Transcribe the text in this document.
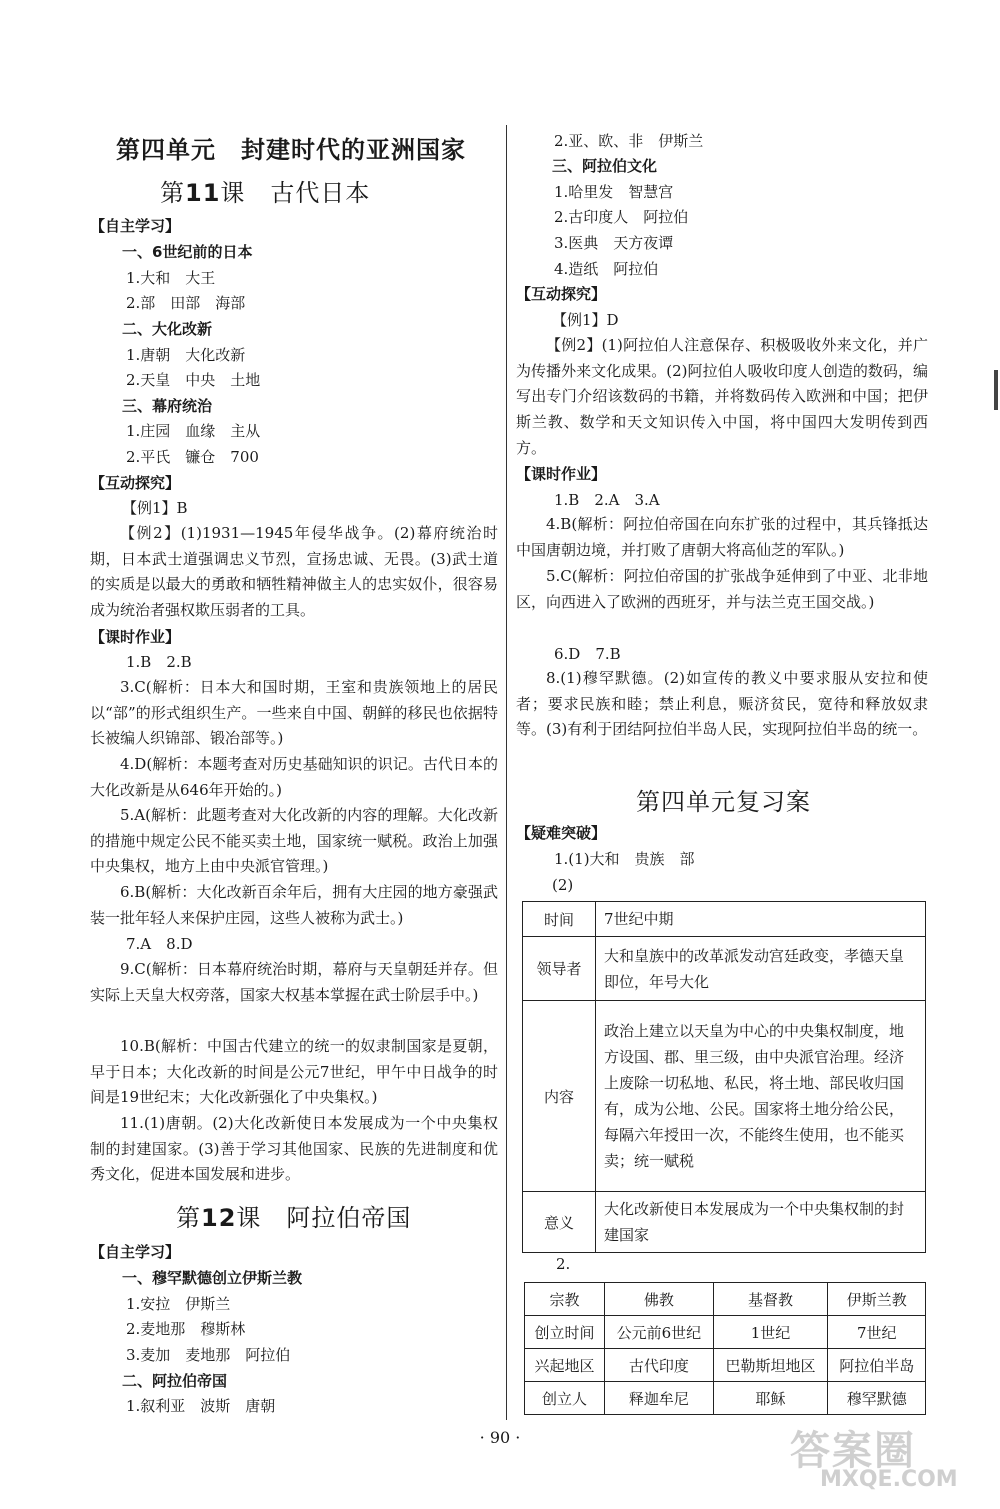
第四单元　封建时代的亚洲国家
第11课　古代日本
【自主学习】
一、6世纪前的日本
1.大和　大王
2.部　田部　海部
二、大化改新
1.唐朝　大化改新
2.天皇　中央　土地
三、幕府统治
1.庄园　血缘　主从
2.平氏　镰仓　700
【互动探究】
【例1】B
【例2】(1)1931—1945年侵华战争。(2)幕府统治时期，日本武士道强调忠义节烈，宣扬忠诚、无畏。(3)武士道的实质是以最大的勇敢和牺牲精神做主人的忠实奴仆，很容易成为统治者强权欺压弱者的工具。
【课时作业】
1.B　2.B
3.C(解析：日本大和国时期，王室和贵族领地上的居民以“部”的形式组织生产。一些来自中国、朝鲜的移民也依据特长被编人织锦部、锻冶部等。)
4.D(解析：本题考查对历史基础知识的识记。古代日本的大化改新是从646年开始的。)
5.A(解析：此题考查对大化改新的内容的理解。大化改新的措施中规定公民不能买卖土地，国家统一赋税。政治上加强中央集权，地方上由中央派官管理。)
6.B(解析：大化改新百余年后，拥有大庄园的地方豪强武装一批年轻人来保护庄园，这些人被称为武士。)
7.A　8.D
9.C(解析：日本幕府统治时期，幕府与天皇朝廷并存。但实际上天皇大权旁落，国家大权基本掌握在武士阶层手中。)
10.B(解析：中国古代建立的统一的奴隶制国家是夏朝，早于日本；大化改新的时间是公元7世纪，甲午中日战争的时间是19世纪末；大化改新强化了中央集权。)
11.(1)唐朝。(2)大化改新使日本发展成为一个中央集权制的封建国家。(3)善于学习其他国家、民族的先进制度和优秀文化，促进本国发展和进步。
第12课　阿拉伯帝国
【自主学习】
一、穆罕默德创立伊斯兰教
1.安拉　伊斯兰
2.麦地那　穆斯林
3.麦加　麦地那　阿拉伯
二、阿拉伯帝国
1.叙利亚　波斯　唐朝
2.亚、欧、非　伊斯兰
三、阿拉伯文化
1.哈里发　智慧宫
2.古印度人　阿拉伯
3.医典　天方夜谭
4.造纸　阿拉伯
【互动探究】
【例1】D
【例2】(1)阿拉伯人注意保存、积极吸收外来文化，并广为传播外来文化成果。(2)阿拉伯人吸收印度人创造的数码，编写出专门介绍该数码的书籍，并将数码传入欧洲和中国；把伊斯兰教、数学和天文知识传入中国，将中国四大发明传到西方。
【课时作业】
1.B　2.A　3.A
4.B(解析：阿拉伯帝国在向东扩张的过程中，其兵锋抵达中国唐朝边境，并打败了唐朝大将高仙芝的军队。)
5.C(解析：阿拉伯帝国的扩张战争延伸到了中亚、北非地区，向西进入了欧洲的西班牙，并与法兰克王国交战。)
6.D　7.B
8.(1)穆罕默德。(2)如宣传的教义中要求服从安拉和使者；要求民族和睦；禁止利息，赈济贫民，宽待和释放奴隶等。(3)有利于团结阿拉伯半岛人民，实现阿拉伯半岛的统一。
第四单元复习案
【疑难突破】
1.(1)大和　贵族　部
(2)
时间	7世纪中期
领导者	大和皇族中的改革派发动宫廷政变，孝德天皇即位，年号大化
内容	政治上建立以天皇为中心的中央集权制度，地方设国、郡、里三级，由中央派官治理。经济上废除一切私地、私民，将土地、部民收归国有，成为公地、公民。国家将土地分给公民，每隔六年授田一次，不能终生使用，也不能买卖；统一赋税
意义	大化改新使日本发展成为一个中央集权制的封建国家
2.
宗教	佛教	基督教	伊斯兰教
创立时间	公元前6世纪	1世纪	7世纪
兴起地区	古代印度	巴勒斯坦地区	阿拉伯半岛
创立人	释迦牟尼	耶稣	穆罕默德
· 90 ·	答案圈
MXQE.COM
